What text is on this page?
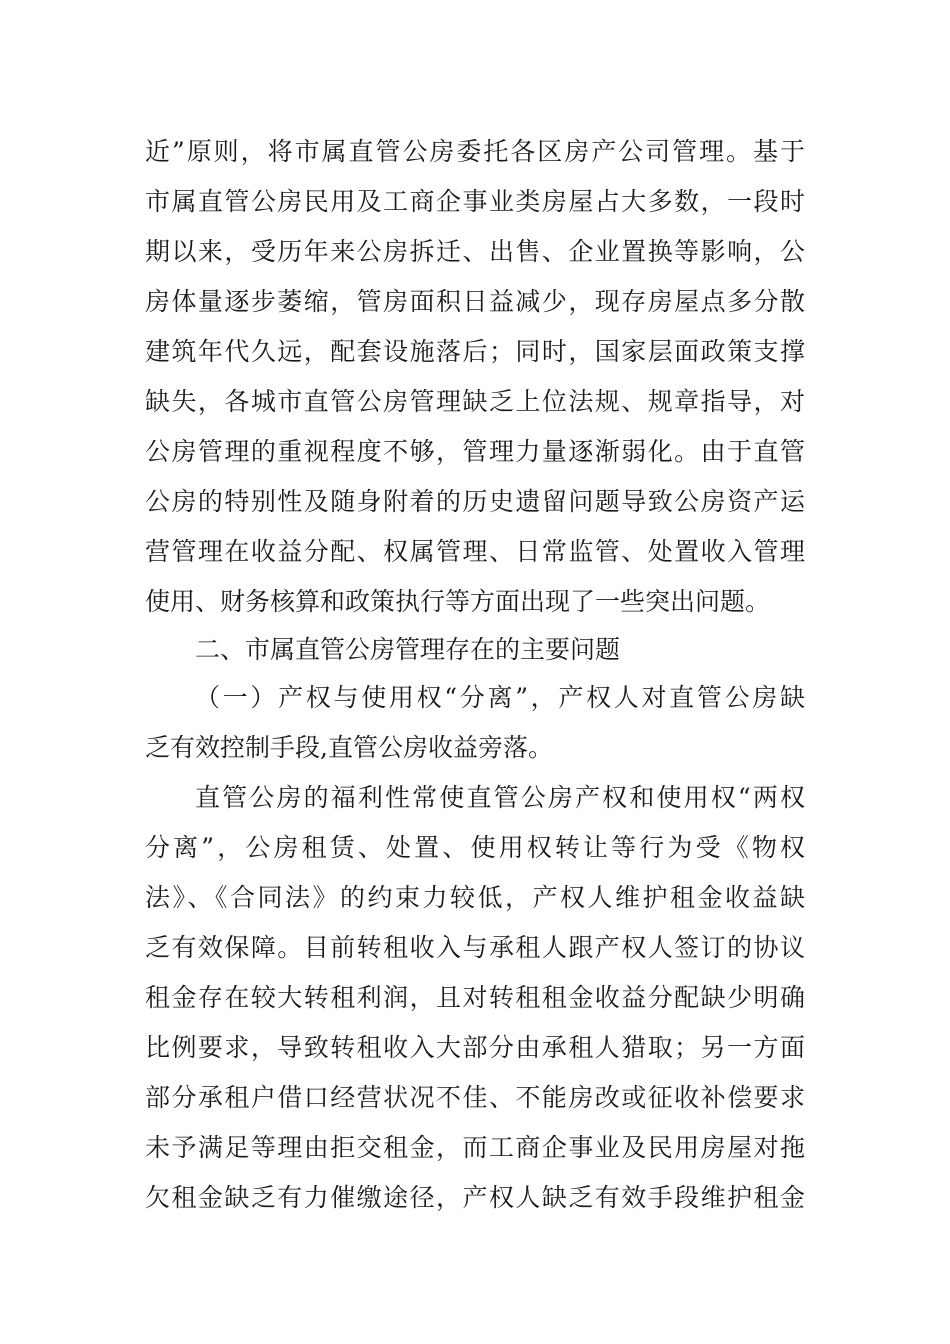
近”原则，将市属直管公房委托各区房产公司管理。基于
市属直管公房民用及工商企事业类房屋占大多数，一段时
期以来，受历年来公房拆迁、出售、企业置换等影响，公
房体量逐步萎缩，管房面积日益减少，现存房屋点多分散
建筑年代久远，配套设施落后；同时，国家层面政策支撑
缺失，各城市直管公房管理缺乏上位法规、规章指导，对
公房管理的重视程度不够，管理力量逐渐弱化。由于直管
公房的特别性及随身附着的历史遗留问题导致公房资产运
营管理在收益分配、权属管理、日常监管、处置收入管理
使用、财务核算和政策执行等方面出现了一些突出问题。
二、市属直管公房管理存在的主要问题
（一）产权与使用权“分离”，产权人对直管公房缺
乏有效控制手段,直管公房收益旁落。
直管公房的福利性常使直管公房产权和使用权“两权
分离”，公房租赁、处置、使用权转让等行为受《物权
法》、《合同法》的约束力较低，产权人维护租金收益缺
乏有效保障。目前转租收入与承租人跟产权人签订的协议
租金存在较大转租利润，且对转租租金收益分配缺少明确
比例要求，导致转租收入大部分由承租人猎取；另一方面
部分承租户借口经营状况不佳、不能房改或征收补偿要求
未予满足等理由拒交租金，而工商企事业及民用房屋对拖
欠租金缺乏有力催缴途径，产权人缺乏有效手段维护租金
